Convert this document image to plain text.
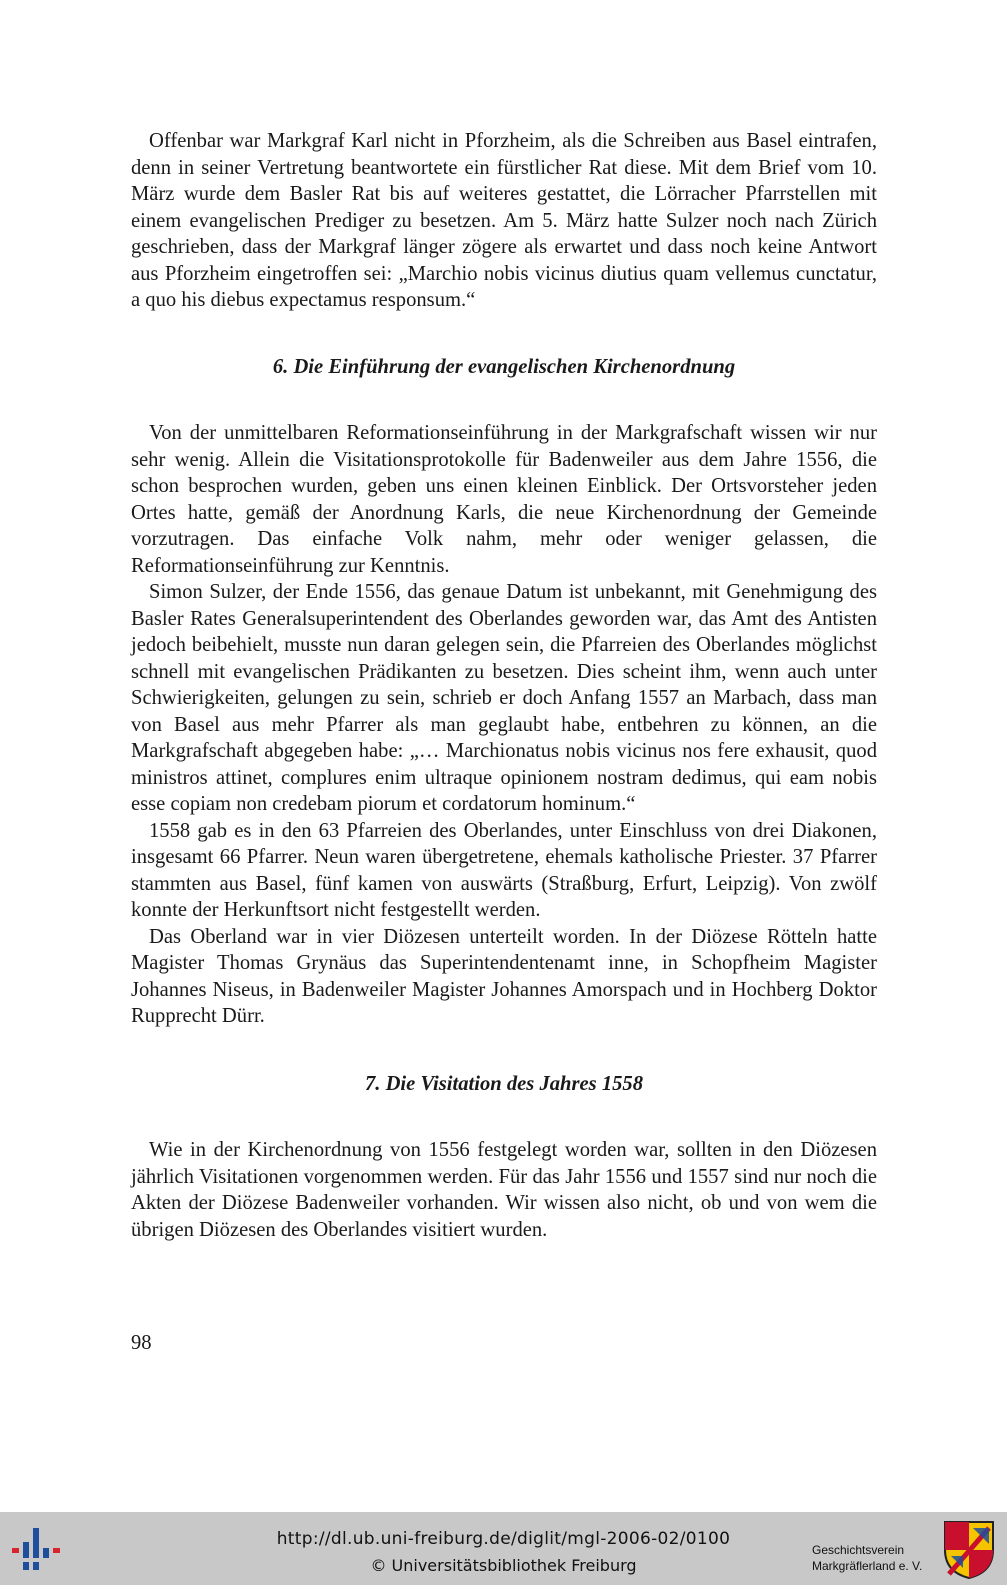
Offenbar war Markgraf Karl nicht in Pforzheim, als die Schreiben aus Basel eintrafen, denn in seiner Vertretung beantwortete ein fürstlicher Rat diese. Mit dem Brief vom 10. März wurde dem Basler Rat bis auf weiteres gestattet, die Lörracher Pfarrstellen mit einem evangelischen Prediger zu besetzen. Am 5. März hatte Sulzer noch nach Zürich geschrieben, dass der Markgraf länger zögere als erwartet und dass noch keine Antwort aus Pforzheim eingetroffen sei: „Marchio nobis vicinus diutius quam vellemus cunctatur, a quo his diebus expectamus responsum.“

6. Die Einführung der evangelischen Kirchenordnung

Von der unmittelbaren Reformationseinführung in der Markgrafschaft wissen wir nur sehr wenig. Allein die Visitationsprotokolle für Badenweiler aus dem Jahre 1556, die schon besprochen wurden, geben uns einen kleinen Einblick. Der Ortsvorsteher jeden Ortes hatte, gemäß der Anordnung Karls, die neue Kirchenordnung der Gemeinde vorzutragen. Das einfache Volk nahm, mehr oder weniger gelassen, die Reformationseinführung zur Kenntnis.

Simon Sulzer, der Ende 1556, das genaue Datum ist unbekannt, mit Genehmigung des Basler Rates Generalsuperintendent des Oberlandes geworden war, das Amt des Antisten jedoch beibehielt, musste nun daran gelegen sein, die Pfarreien des Oberlandes möglichst schnell mit evangelischen Prädikanten zu besetzen. Dies scheint ihm, wenn auch unter Schwierigkeiten, gelungen zu sein, schrieb er doch Anfang 1557 an Marbach, dass man von Basel aus mehr Pfarrer als man geglaubt habe, entbehren zu können, an die Markgrafschaft abgegeben habe: „… Marchionatus nobis vicinus nos fere exhausit, quod ministros attinet, complures enim ultraque opinionem nostram dedimus, qui eam nobis esse copiam non credebam piorum et cordatorum hominum.“

1558 gab es in den 63 Pfarreien des Oberlandes, unter Einschluss von drei Diakonen, insgesamt 66 Pfarrer. Neun waren übergetretene, ehemals katholische Priester. 37 Pfarrer stammten aus Basel, fünf kamen von auswärts (Straßburg, Erfurt, Leipzig). Von zwölf konnte der Herkunftsort nicht festgestellt werden.

Das Oberland war in vier Diözesen unterteilt worden. In der Diözese Rötteln hatte Magister Thomas Grynäus das Superintendentenamt inne, in Schopfheim Magister Johannes Niseus, in Badenweiler Magister Johannes Amorspach und in Hochberg Doktor Rupprecht Dürr.

7. Die Visitation des Jahres 1558

Wie in der Kirchenordnung von 1556 festgelegt worden war, sollten in den Diözesen jährlich Visitationen vorgenommen werden. Für das Jahr 1556 und 1557 sind nur noch die Akten der Diözese Badenweiler vorhanden. Wir wissen also nicht, ob und von wem die übrigen Diözesen des Oberlandes visitiert wurden.

98
http://dl.ub.uni-freiburg.de/diglit/mgl-2006-02/0100
© Universitätsbibliothek Freiburg
Geschichtsverein
Markgräflerland e. V.
